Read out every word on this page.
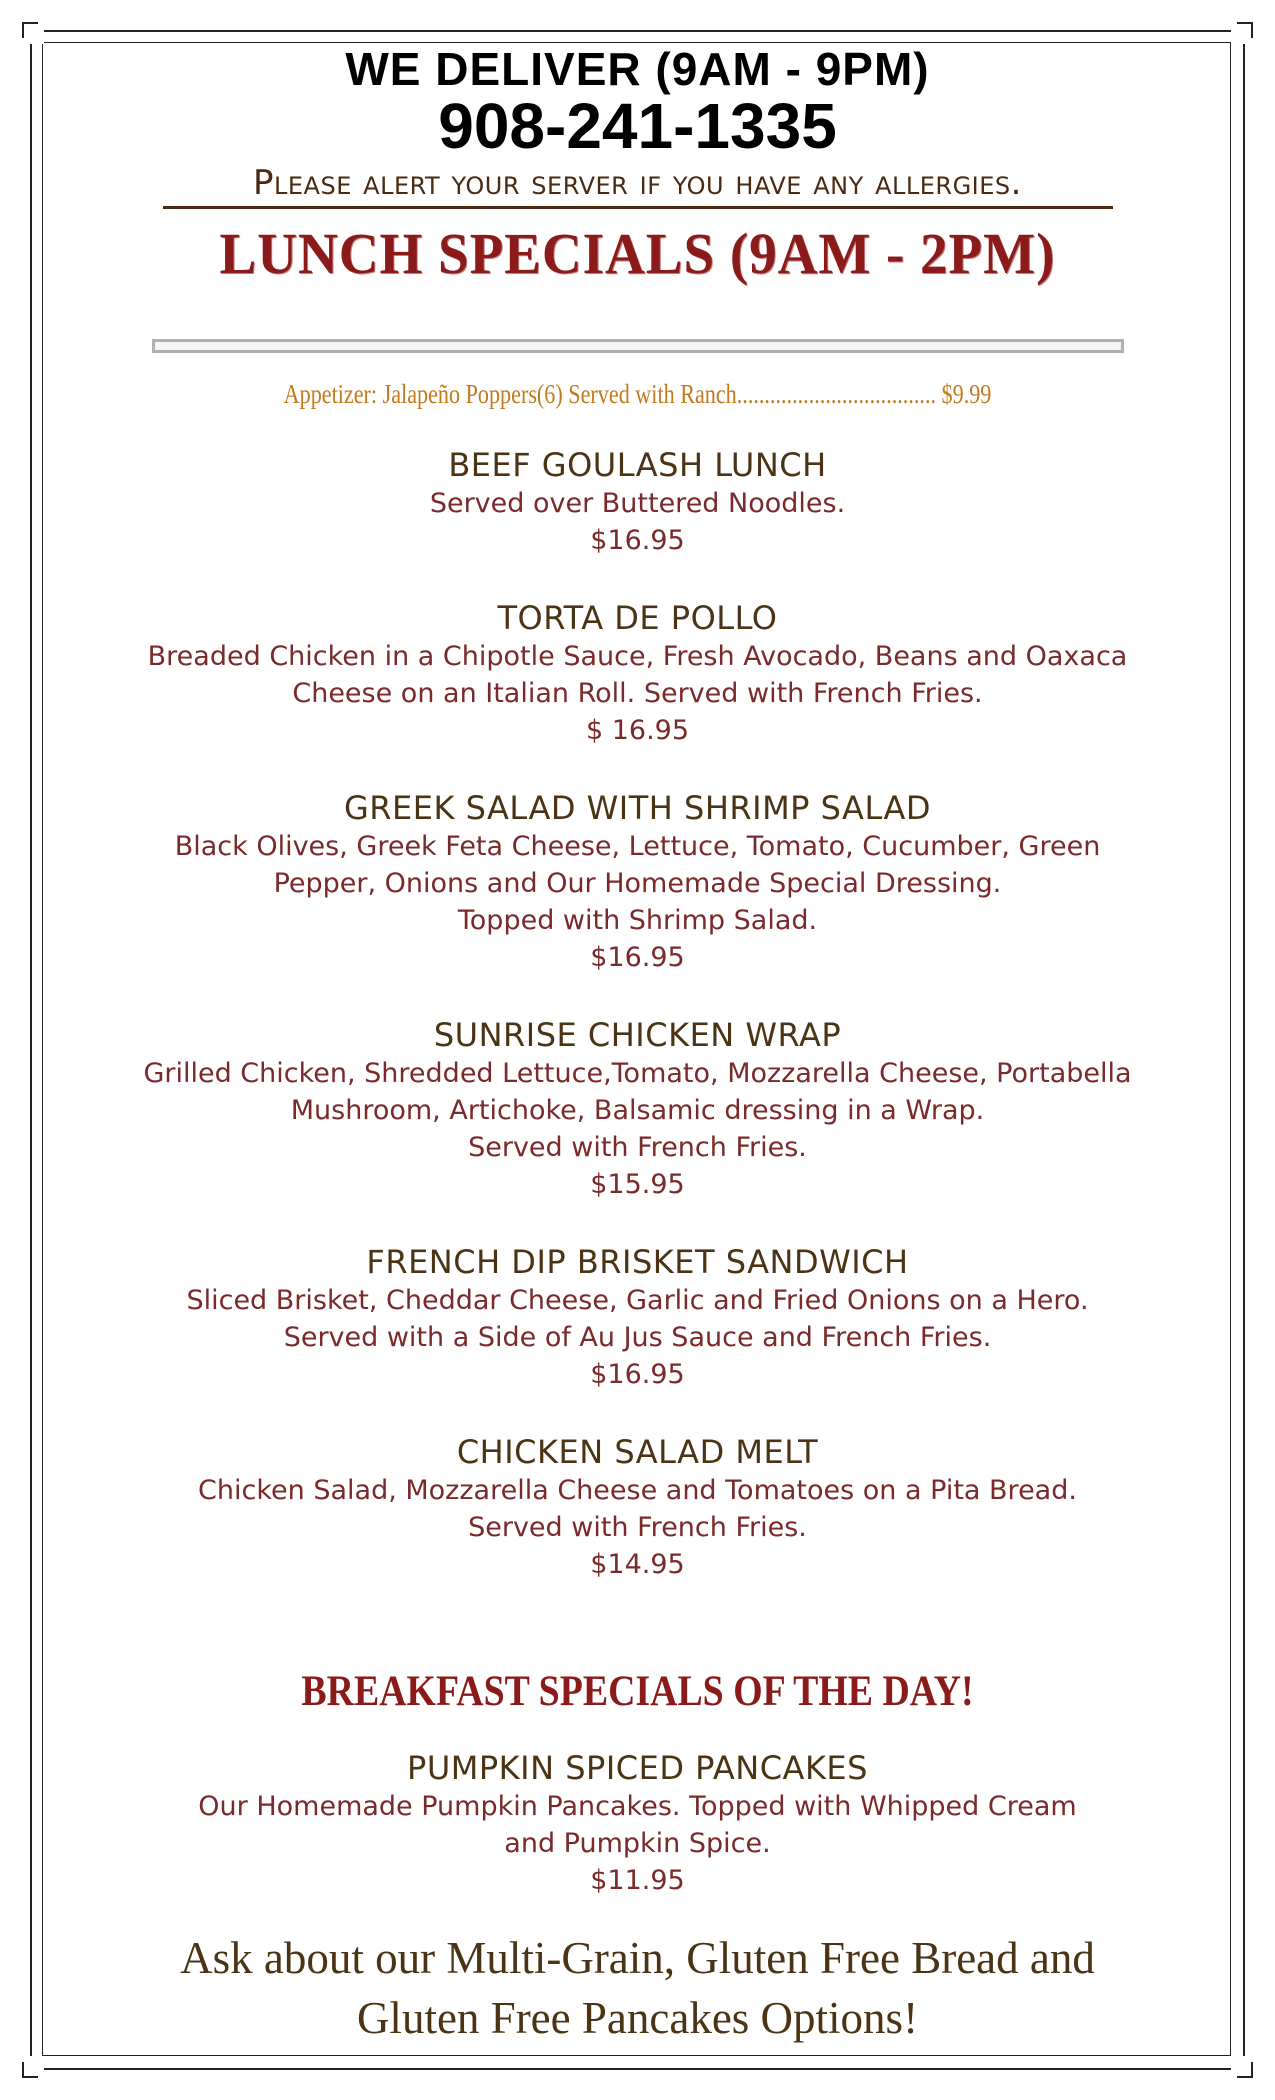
WE DELIVER (9AM - 9PM)

908-241-1335

Please alert your server if you have any allergies.

LUNCH SPECIALS (9AM - 2PM)

Appetizer: Jalapeño Poppers(6) Served with Ranch.................................... $9.99

BEEF GOULASH LUNCH

Served over Buttered Noodles.

$16.95

TORTA DE POLLO

Breaded Chicken in a Chipotle Sauce, Fresh Avocado, Beans and Oaxaca Cheese on an Italian Roll. Served with French Fries.

$ 16.95

GREEK SALAD WITH SHRIMP SALAD

Black Olives, Greek Feta Cheese, Lettuce, Tomato, Cucumber, Green Pepper, Onions and Our Homemade Special Dressing.
Topped with Shrimp Salad.

$16.95

SUNRISE CHICKEN WRAP

Grilled Chicken, Shredded Lettuce,Tomato, Mozzarella Cheese, Portabella Mushroom, Artichoke, Balsamic dressing in a Wrap.
Served with French Fries.

$15.95

FRENCH DIP BRISKET SANDWICH

Sliced Brisket, Cheddar Cheese, Garlic and Fried Onions on a Hero. Served with a Side of Au Jus Sauce and French Fries.

$16.95

CHICKEN SALAD MELT

Chicken Salad, Mozzarella Cheese and Tomatoes on a Pita Bread.
Served with French Fries.

$14.95

BREAKFAST SPECIALS OF THE DAY!

PUMPKIN SPICED PANCAKES

Our Homemade Pumpkin Pancakes. Topped with Whipped Cream and Pumpkin Spice.

$11.95

Ask about our Multi-Grain, Gluten Free Bread and Gluten Free Pancakes Options!
